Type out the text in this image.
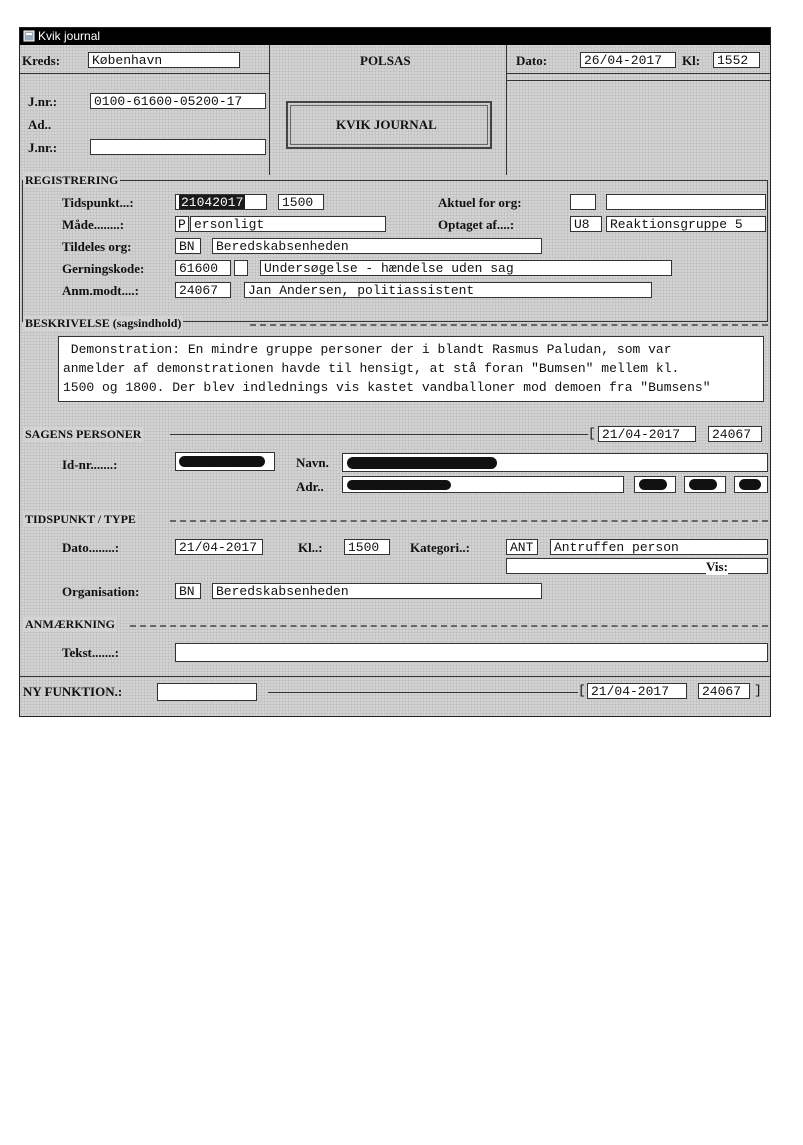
Kvik journal
Kreds:	København	POLSAS	Dato:	26/04-2017	Kl:	1552
J.nr.:	0100-61600-05200-17
Ad..
J.nr.:
KVIK JOURNAL
REGISTRERING
Tidspunkt...:	21042017	1500	Aktuel for org:
Måde........:	P ersonligt	Optaget af....:	U8	Reaktionsgruppe 5
Tildeles org:	BN	Beredskabsenheden
Gerningskode:	61600	Undersøgelse - hændelse uden sag
Anm.modt....:	24067	Jan Andersen, politiassistent
BESKRIVELSE (sagsindhold)
Demonstration: En mindre gruppe personer der i blandt Rasmus Paludan, som var
anmelder af demonstrationen havde til hensigt, at stå foran "Bumsen" mellem kl.
1500 og 1800. Der blev indlednings vis kastet vandballoner mod demoen fra "Bumsens"
SAGENS PERSONER	[ 21/04-2017	24067
Id-nr.......:	Navn.
Adr..
TIDSPUNKT / TYPE
Dato........:	21/04-2017	Kl..:	1500	Kategori..:	ANT	Antruffen person
Vis:
Organisation:	BN	Beredskabsenheden
ANMÆRKNING
Tekst.......:
NY FUNKTION.:	[ 21/04-2017	24067 ]
